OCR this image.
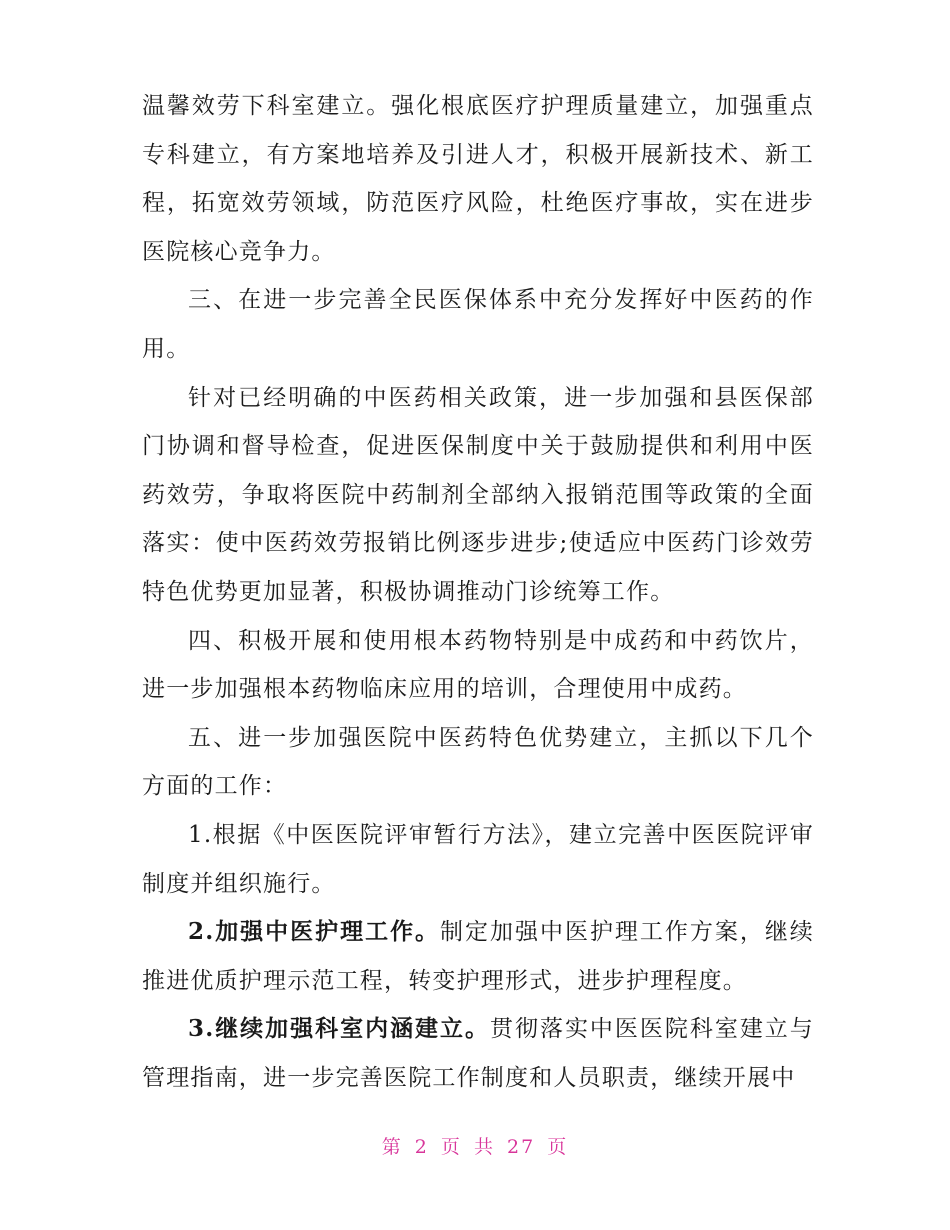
温馨效劳下科室建立。强化根底医疗护理质量建立，加强重点专科建立，有方案地培养及引进人才，积极开展新技术、新工程，拓宽效劳领域，防范医疗风险，杜绝医疗事故，实在进步医院核心竞争力。

三、在进一步完善全民医保体系中充分发挥好中医药的作用。

针对已经明确的中医药相关政策，进一步加强和县医保部门协调和督导检查，促进医保制度中关于鼓励提供和利用中医药效劳，争取将医院中药制剂全部纳入报销范围等政策的全面落实：使中医药效劳报销比例逐步进步;使适应中医药门诊效劳特色优势更加显著，积极协调推动门诊统筹工作。

四、积极开展和使用根本药物特别是中成药和中药饮片，进一步加强根本药物临床应用的培训，合理使用中成药。

五、进一步加强医院中医药特色优势建立，主抓以下几个方面的工作：

1.根据《中医医院评审暂行方法》，建立完善中医医院评审制度并组织施行。

2.加强中医护理工作。制定加强中医护理工作方案，继续推进优质护理示范工程，转变护理形式，进步护理程度。

3.继续加强科室内涵建立。贯彻落实中医医院科室建立与管理指南，进一步完善医院工作制度和人员职责，继续开展中

第 2 页 共 27 页
